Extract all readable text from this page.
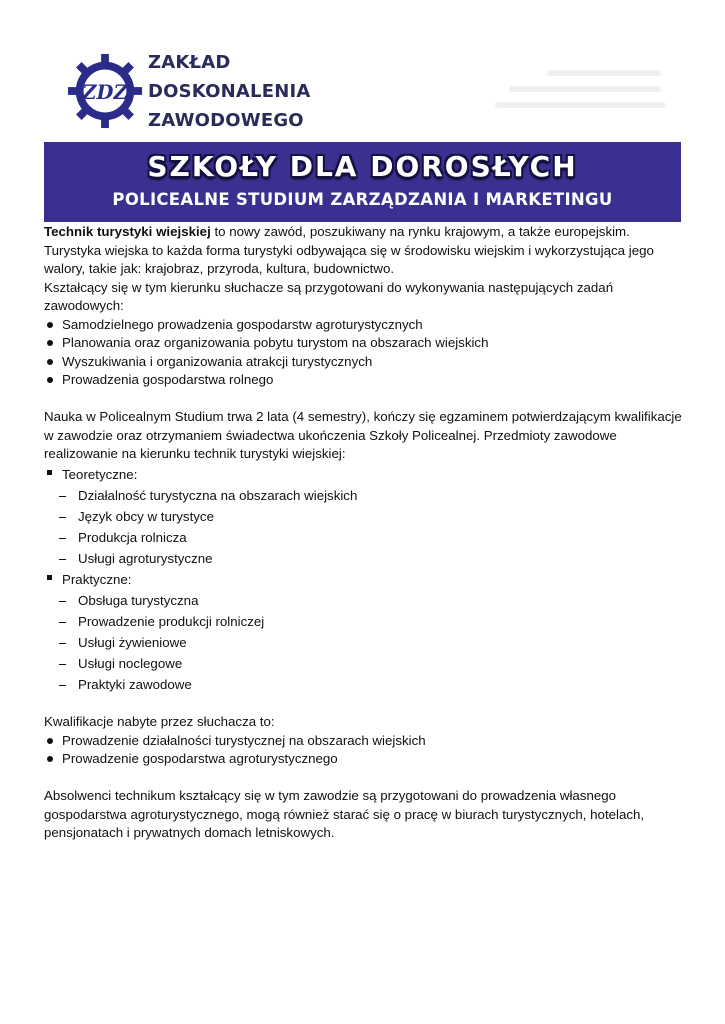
ZDZ
ZAKŁAD
DOSKONALENIA
ZAWODOWEGO
SZKOŁY DLA DOROSŁYCH
POLICEALNE STUDIUM ZARZĄDZANIA I MARKETINGU

Technik turystyki wiejskiej to nowy zawód, poszukiwany na rynku krajowym, a także europejskim.

Turystyka wiejska to każda forma turystyki odbywająca się w środowisku wiejskim i wykorzystująca jego walory, takie jak: krajobraz, przyroda, kultura, budownictwo.

Kształcący się w tym kierunku słuchacze są przygotowani do wykonywania następujących zadań zawodowych:

Samodzielnego prowadzenia gospodarstw agroturystycznych
Planowania oraz organizowania pobytu turystom na obszarach wiejskich
Wyszukiwania i organizowania atrakcji turystycznych
Prowadzenia gospodarstwa rolnego

Nauka w Policealnym Studium trwa 2 lata (4 semestry), kończy się egzaminem potwierdzającym kwalifikacje w zawodzie oraz otrzymaniem świadectwa ukończenia Szkoły Policealnej. Przedmioty zawodowe realizowanie na kierunku technik turystyki wiejskiej:

Teoretyczne:
Działalność turystyczna na obszarach wiejskich
Język obcy w turystyce
Produkcja rolnicza
Usługi agroturystyczne
Praktyczne:
Obsługa turystyczna
Prowadzenie produkcji rolniczej
Usługi żywieniowe
Usługi noclegowe
Praktyki zawodowe

Kwalifikacje nabyte przez słuchacza to:

Prowadzenie działalności turystycznej na obszarach wiejskich
Prowadzenie gospodarstwa agroturystycznego

Absolwenci technikum kształcący się w tym zawodzie są przygotowani do prowadzenia własnego gospodarstwa agroturystycznego, mogą również starać się o pracę w biurach turystycznych, hotelach, pensjonatach i prywatnych domach letniskowych.
